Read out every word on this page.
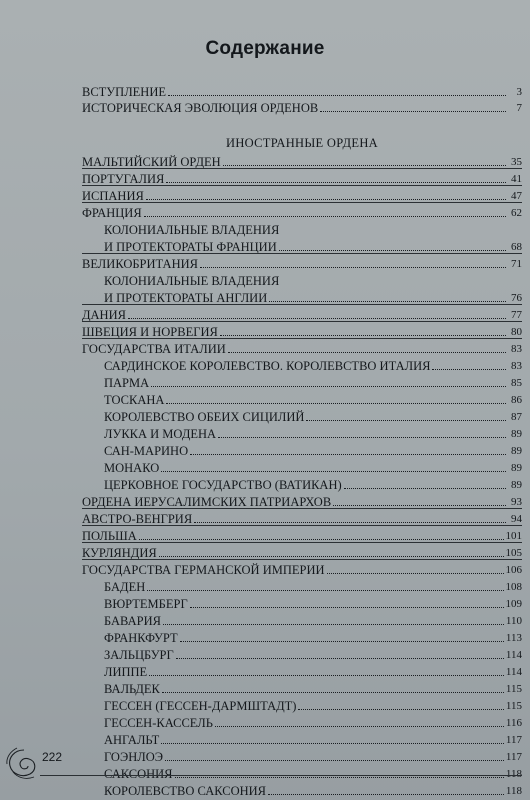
Содержание
ВСТУПЛЕНИЕ	3
ИСТОРИЧЕСКАЯ ЭВОЛЮЦИЯ ОРДЕНОВ	7
ИНОСТРАННЫЕ ОРДЕНА
МАЛЬТИЙСКИЙ ОРДЕН	35
ПОРТУГАЛИЯ	41
ИСПАНИЯ	47
ФРАНЦИЯ	62
КОЛОНИАЛЬНЫЕ ВЛАДЕНИЯ
И ПРОТЕКТОРАТЫ ФРАНЦИИ	68
ВЕЛИКОБРИТАНИЯ	71
КОЛОНИАЛЬНЫЕ ВЛАДЕНИЯ
И ПРОТЕКТОРАТЫ АНГЛИИ	76
ДАНИЯ	77
ШВЕЦИЯ И НОРВЕГИЯ	80
ГОСУДАРСТВА ИТАЛИИ	83
САРДИНСКОЕ КОРОЛЕВСТВО. КОРОЛЕВСТВО ИТАЛИЯ	83
ПАРМА	85
ТОСКАНА	86
КОРОЛЕВСТВО ОБЕИХ СИЦИЛИЙ	87
ЛУККА И МОДЕНА	89
САН-МАРИНО	89
МОНАКО	89
ЦЕРКОВНОЕ ГОСУДАРСТВО (ВАТИКАН)	89
ОРДЕНА ИЕРУСАЛИМСКИХ ПАТРИАРХОВ	93
АВСТРО-ВЕНГРИЯ	94
ПОЛЬША	101
КУРЛЯНДИЯ	105
ГОСУДАРСТВА ГЕРМАНСКОЙ ИМПЕРИИ	106
БАДЕН	108
ВЮРТЕМБЕРГ	109
БАВАРИЯ	110
ФРАНКФУРТ	113
ЗАЛЬЦБУРГ	114
ЛИППЕ	114
ВАЛЬДЕК	115
ГЕССЕН (ГЕССЕН-ДАРМШТАДТ)	115
ГЕССЕН-КАССЕЛЬ	116
АНГАЛЬТ	117
ГОЭНЛОЭ	117
САКСОНИЯ	118
КОРОЛЕВСТВО САКСОНИЯ	118
222
